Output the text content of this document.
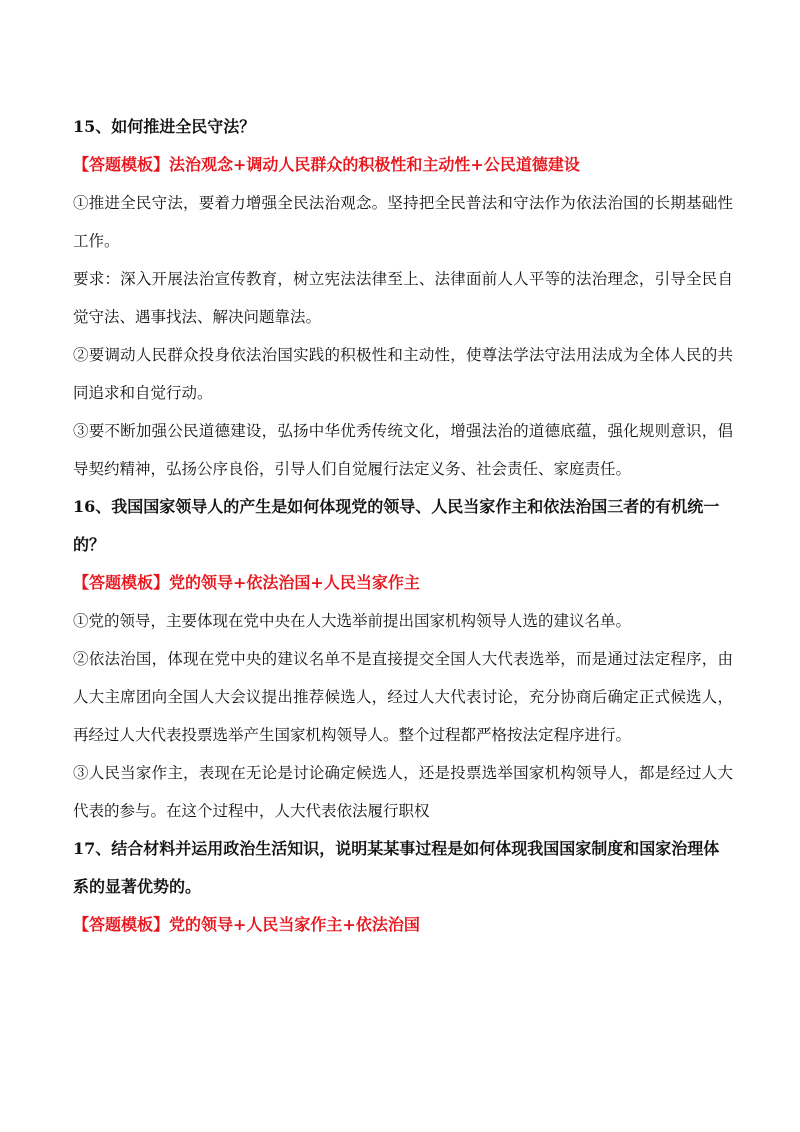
15、如何推进全民守法？

【答题模板】法治观念+调动人民群众的积极性和主动性+公民道德建设

①推进全民守法，要着力增强全民法治观念。坚持把全民普法和守法作为依法治国的长期基础性工作。

要求：深入开展法治宣传教育，树立宪法法律至上、法律面前人人平等的法治理念，引导全民自觉守法、遇事找法、解决问题靠法。

②要调动人民群众投身依法治国实践的积极性和主动性，使尊法学法守法用法成为全体人民的共同追求和自觉行动。

③要不断加强公民道德建设，弘扬中华优秀传统文化，增强法治的道德底蕴，强化规则意识，倡导契约精神，弘扬公序良俗，引导人们自觉履行法定义务、社会责任、家庭责任。

16、我国国家领导人的产生是如何体现党的领导、人民当家作主和依法治国三者的有机统一的？

【答题模板】党的领导+依法治国+人民当家作主

①党的领导，主要体现在党中央在人大选举前提出国家机构领导人选的建议名单。

②依法治国，体现在党中央的建议名单不是直接提交全国人大代表选举，而是通过法定程序，由人大主席团向全国人大会议提出推荐候选人，经过人大代表讨论，充分协商后确定正式候选人，再经过人大代表投票选举产生国家机构领导人。整个过程都严格按法定程序进行。

③人民当家作主，表现在无论是讨论确定候选人，还是投票选举国家机构领导人，都是经过人大代表的参与。在这个过程中，人大代表依法履行职权

17、结合材料并运用政治生活知识，说明某某事过程是如何体现我国国家制度和国家治理体系的显著优势的。

【答题模板】党的领导+人民当家作主+依法治国
